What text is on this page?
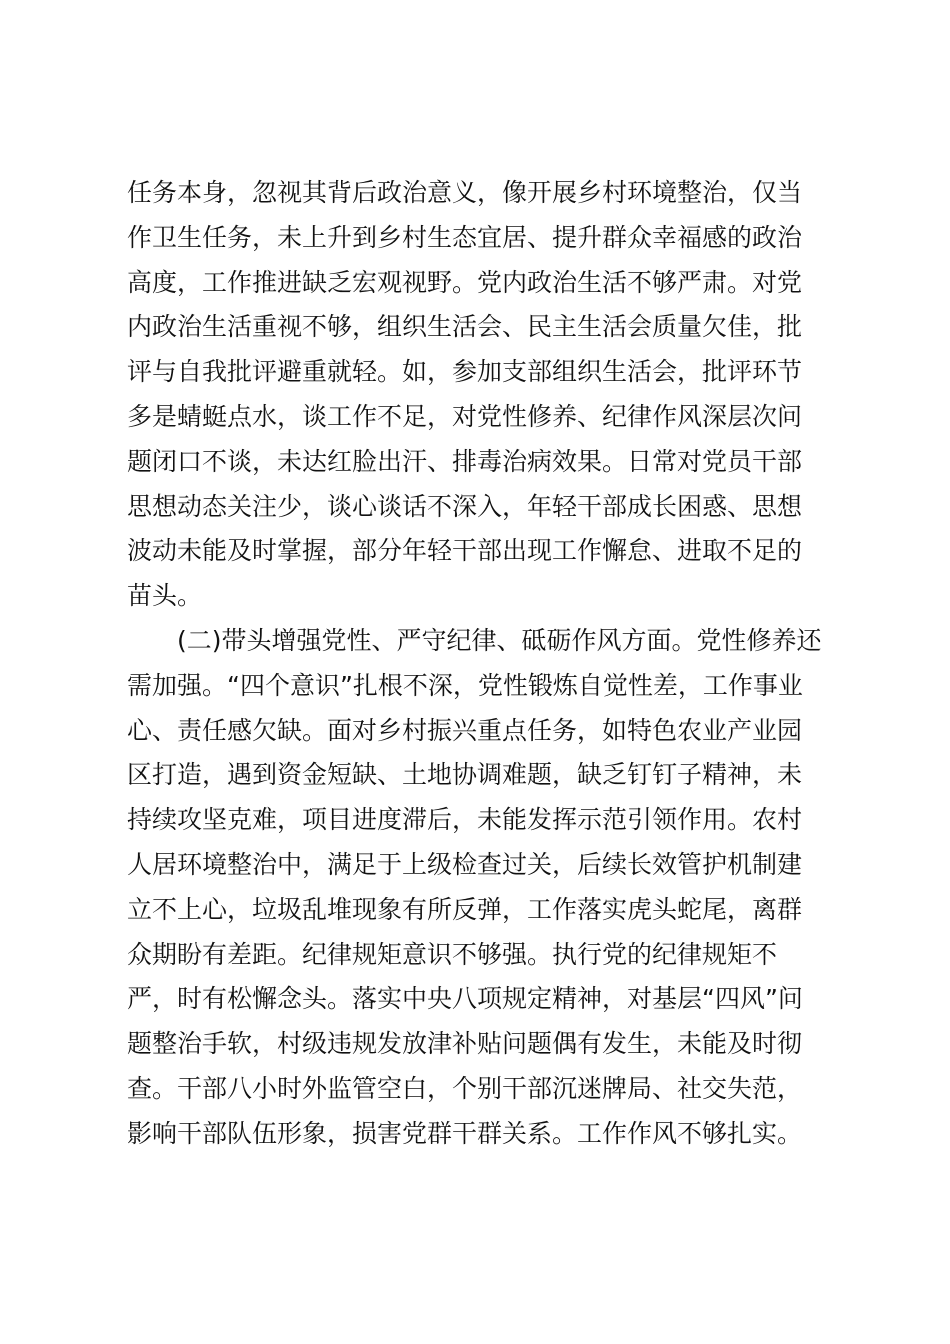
任务本身，忽视其背后政治意义，像开展乡村环境整治，仅当
作卫生任务，未上升到乡村生态宜居、提升群众幸福感的政治
高度，工作推进缺乏宏观视野。党内政治生活不够严肃。对党
内政治生活重视不够，组织生活会、民主生活会质量欠佳，批
评与自我批评避重就轻。如，参加支部组织生活会，批评环节
多是蜻蜓点水，谈工作不足，对党性修养、纪律作风深层次问
题闭口不谈，未达红脸出汗、排毒治病效果。日常对党员干部
思想动态关注少，谈心谈话不深入，年轻干部成长困惑、思想
波动未能及时掌握，部分年轻干部出现工作懈怠、进取不足的
苗头。
(二)带头增强党性、严守纪律、砥砺作风方面。党性修养还
需加强。“四个意识”扎根不深，党性锻炼自觉性差，工作事业
心、责任感欠缺。面对乡村振兴重点任务，如特色农业产业园
区打造，遇到资金短缺、土地协调难题，缺乏钉钉子精神，未
持续攻坚克难，项目进度滞后，未能发挥示范引领作用。农村
人居环境整治中，满足于上级检查过关，后续长效管护机制建
立不上心，垃圾乱堆现象有所反弹，工作落实虎头蛇尾，离群
众期盼有差距。纪律规矩意识不够强。执行党的纪律规矩不
严，时有松懈念头。落实中央八项规定精神，对基层“四风”问
题整治手软，村级违规发放津补贴问题偶有发生，未能及时彻
查。干部八小时外监管空白，个别干部沉迷牌局、社交失范，
影响干部队伍形象，损害党群干群关系。工作作风不够扎实。
